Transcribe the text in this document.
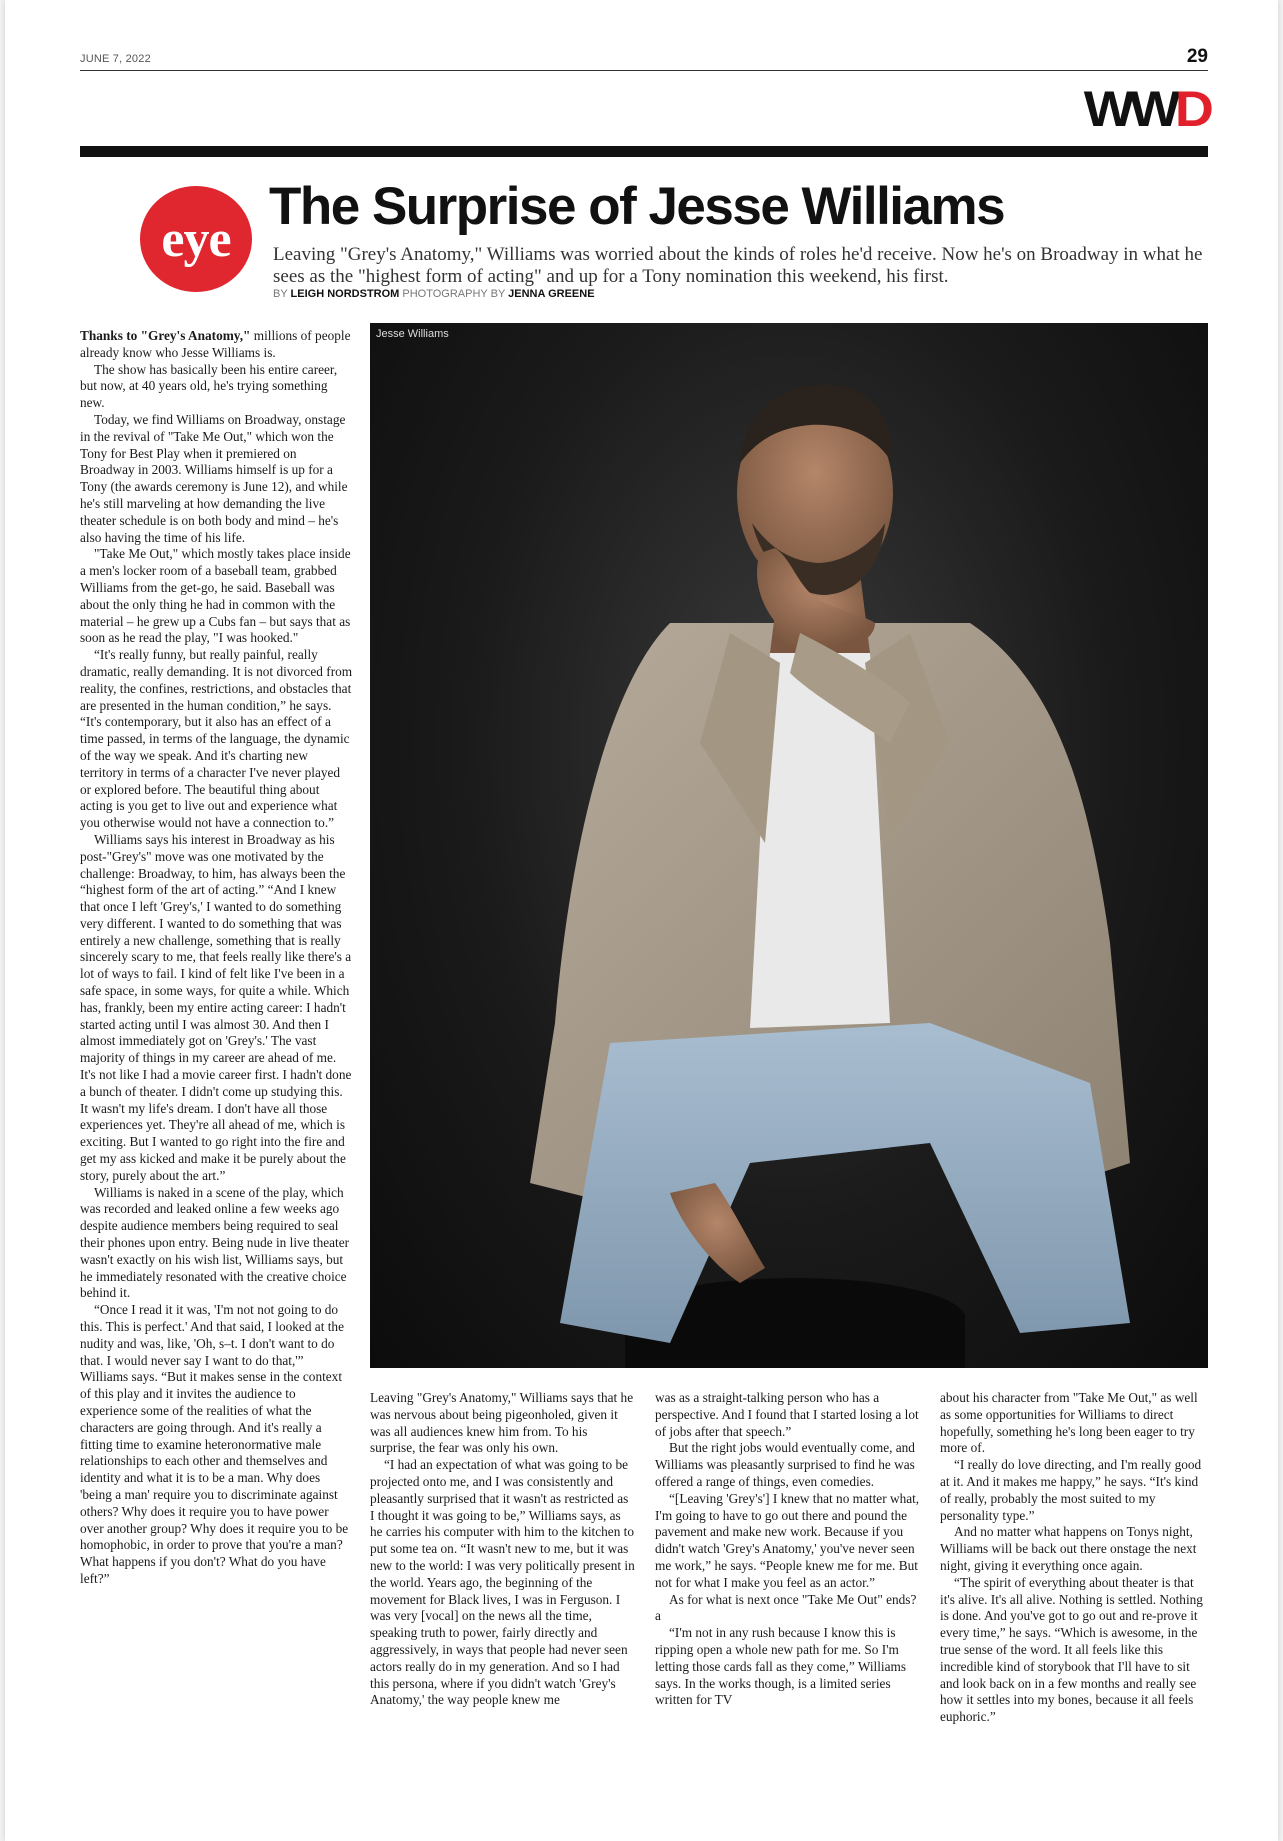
JUNE 7, 2022	29
WWD
eye
The Surprise of Jesse Williams
Leaving "Grey's Anatomy," Williams was worried about the kinds of roles he'd receive. Now he's on Broadway in what he sees as the "highest form of acting" and up for a Tony nomination this weekend, his first.
BY LEIGH NORDSTROM PHOTOGRAPHY BY JENNA GREENE
Jesse Williams

Thanks to "Grey's Anatomy," millions of people already know who Jesse Williams is.

The show has basically been his entire career, but now, at 40 years old, he's trying something new.

Today, we find Williams on Broadway, onstage in the revival of "Take Me Out," which won the Tony for Best Play when it premiered on Broadway in 2003. Williams himself is up for a Tony (the awards ceremony is June 12), and while he's still marveling at how demanding the live theater schedule is on both body and mind – he's also having the time of his life.

"Take Me Out," which mostly takes place inside a men's locker room of a baseball team, grabbed Williams from the get-go, he said. Baseball was about the only thing he had in common with the material – he grew up a Cubs fan – but says that as soon as he read the play, "I was hooked."

“It's really funny, but really painful, really dramatic, really demanding. It is not divorced from reality, the confines, restrictions, and obstacles that are presented in the human condition,” he says. “It's contemporary, but it also has an effect of a time passed, in terms of the language, the dynamic of the way we speak. And it's charting new territory in terms of a character I've never played or explored before. The beautiful thing about acting is you get to live out and experience what you otherwise would not have a connection to.”

Williams says his interest in Broadway as his post-"Grey's" move was one motivated by the challenge: Broadway, to him, has always been the “highest form of the art of acting.” “And I knew that once I left 'Grey's,' I wanted to do something very different. I wanted to do something that was entirely a new challenge, something that is really sincerely scary to me, that feels really like there's a lot of ways to fail. I kind of felt like I've been in a safe space, in some ways, for quite a while. Which has, frankly, been my entire acting career: I hadn't started acting until I was almost 30. And then I almost immediately got on 'Grey's.' The vast majority of things in my career are ahead of me. It's not like I had a movie career first. I hadn't done a bunch of theater. I didn't come up studying this. It wasn't my life's dream. I don't have all those experiences yet. They're all ahead of me, which is exciting. But I wanted to go right into the fire and get my ass kicked and make it be purely about the story, purely about the art.”

Williams is naked in a scene of the play, which was recorded and leaked online a few weeks ago despite audience members being required to seal their phones upon entry. Being nude in live theater wasn't exactly on his wish list, Williams says, but he immediately resonated with the creative choice behind it.

“Once I read it it was, 'I'm not not going to do this. This is perfect.' And that said, I looked at the nudity and was, like, 'Oh, s–t. I don't want to do that. I would never say I want to do that,'” Williams says. “But it makes sense in the context of this play and it invites the audience to experience some of the realities of what the characters are going through. And it's really a fitting time to examine heteronormative male relationships to each other and themselves and identity and what it is to be a man. Why does 'being a man' require you to discriminate against others? Why does it require you to have power over another group? Why does it require you to be homophobic, in order to prove that you're a man? What happens if you don't? What do you have left?”

Leaving "Grey's Anatomy," Williams says that he was nervous about being pigeonholed, given it was all audiences knew him from. To his surprise, the fear was only his own.

“I had an expectation of what was going to be projected onto me, and I was consistently and pleasantly surprised that it wasn't as restricted as I thought it was going to be,” Williams says, as he carries his computer with him to the kitchen to put some tea on. “It wasn't new to me, but it was new to the world: I was very politically present in the world. Years ago, the beginning of the movement for Black lives, I was in Ferguson. I was very [vocal] on the news all the time, speaking truth to power, fairly directly and aggressively, in ways that people had never seen actors really do in my generation. And so I had this persona, where if you didn't watch 'Grey's Anatomy,' the way people knew me

was as a straight-talking person who has a perspective. And I found that I started losing a lot of jobs after that speech.”

But the right jobs would eventually come, and Williams was pleasantly surprised to find he was offered a range of things, even comedies.

“[Leaving 'Grey's'] I knew that no matter what, I'm going to have to go out there and pound the pavement and make new work. Because if you didn't watch 'Grey's Anatomy,' you've never seen me work,” he says. “People knew me for me. But not for what I make you feel as an actor.”

As for what is next once "Take Me Out" ends?a

“I'm not in any rush because I know this is ripping open a whole new path for me. So I'm letting those cards fall as they come,” Williams says. In the works though, is a limited series written for TV

about his character from "Take Me Out," as well as some opportunities for Williams to direct hopefully, something he's long been eager to try more of.

“I really do love directing, and I'm really good at it. And it makes me happy,” he says. “It's kind of really, probably the most suited to my personality type.”

And no matter what happens on Tonys night, Williams will be back out there onstage the next night, giving it everything once again.

“The spirit of everything about theater is that it's alive. It's all alive. Nothing is settled. Nothing is done. And you've got to go out and re-prove it every time,” he says. “Which is awesome, in the true sense of the word. It all feels like this incredible kind of storybook that I'll have to sit and look back on in a few months and really see how it settles into my bones, because it all feels euphoric.”
